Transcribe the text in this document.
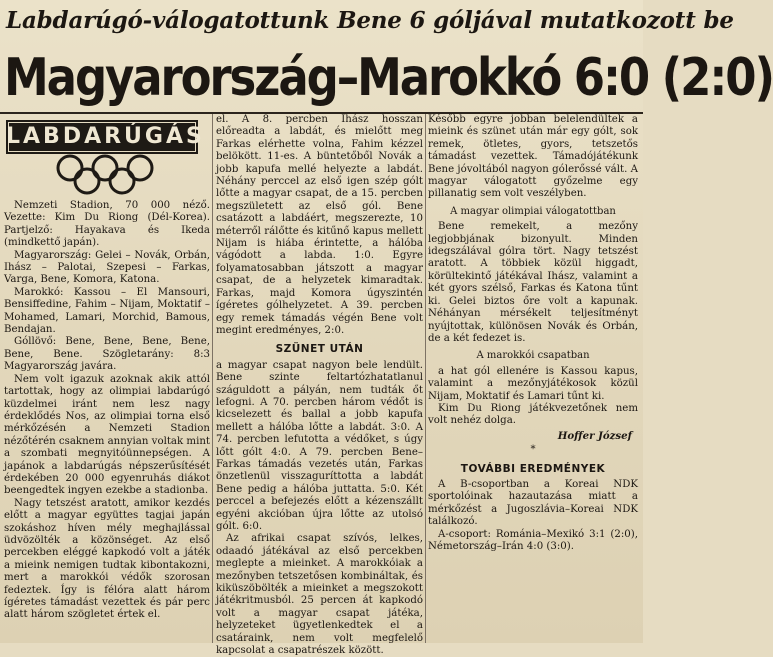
Labdarúgó-válogatottunk Bene 6 góljával mutatkozott be
Magyarország–Marokkó 6:0 (2:0)
LABDARÚGÁS

Nemzeti Stadion, 70 000 néző. Vezette: Kim Du Riong (Dél-Korea). Partjelző: Hayakava és Ikeda (mindkettő japán).

Magyarország: Gelei – Novák, Orbán, Ihász – Palotai, Szepesi – Farkas, Varga, Bene, Komora, Katona.

Marokkó: Kassou – El Mansouri, Bensiffedine, Fahim – Nijam, Moktatif – Mohamed, Lamari, Morchid, Bamous, Bendajan.

Góllövő: Bene, Bene, Bene, Bene, Bene, Bene. Szögletarány: 8:3 Magyarország javára.

Nem volt igazuk azoknak akik attól tartottak, hogy az olimpiai labdarúgó küzdelmei iránt nem lesz nagy érdeklődés Nos, az olimpiai torna első mérkőzésén a Nemzeti Stadion nézőtérén csaknem annyian voltak mint a szombati megnyitóünnepségen. A japánok a labdarúgás népszerűsítését érdekében 20 000 egyenruhás diákot beengedtek ingyen ezekbe a stadionba.

Nagy tetszést aratott, amikor kezdés előtt a magyar együttes tagjai japán szokáshoz híven mély meghajlással üdvözölték a közönséget. Az első percekben eléggé kapkodó volt a játék a mieink nemigen tudtak kibontakozni, mert a marokkói védők szorosan fedeztek. Így is félóra alatt három ígéretes támadást vezettek és pár perc alatt három szögletet értek el.

el. A 8. percben Ihász hosszan előreadta a labdát, és mielőtt meg Farkas elérhette volna, Fahim kézzel belökött. 11-es. A büntetőből Novák a jobb kapufa mellé helyezte a labdát. Néhány perccel az első igen szép gólt lőtte a magyar csapat, de a 15. percben megszületett az első gól. Bene csatázott a labdáért, megszerezte, 10 méterről rálőtte és kitűnő kapus mellett Nijam is hiába érintette, a hálóba vágódott a labda. 1:0. Egyre folyamatosabban játszott a magyar csapat, de a helyzetek kimaradtak. Farkas, majd Komora úgyszintén ígéretes gólhelyzetet. A 39. percben egy remek támadás végén Bene volt megint eredményes, 2:0.

SZÜNET UTÁN

a magyar csapat nagyon bele lendült. Bene szinte feltartózhatatlanul száguldott a pályán, nem tudták őt lefogni. A 70. percben három védőt is kicselezett és ballal a jobb kapufa mellett a hálóba lőtte a labdát. 3:0. A 74. percben lefutotta a védőket, s úgy lőtt gólt 4:0. A 79. percben Bene–Farkas támadás vezetés után, Farkas önzetlenül visszaguríttotta a labdát Bene pedig a hálóba juttatta. 5:0. Két perccel a befejezés előtt a kézenszállt egyéni akcióban újra lőtte az utolsó gólt. 6:0.

Az afrikai csapat szívós, lelkes, odaadó játékával az első percekben meglepte a mieinket. A marokkóiak a mezőnyben tetszetősen kombináltak, és kiküszöbölték a mieinket a megszokott játékritmusból. 25 percen át kapkodó volt a magyar csapat játéka, helyzeteket ügyetlenkedtek el a csatáraink, nem volt megfelelő kapcsolat a csapatrészek között.

Később egyre jobban belelendültek a mieink és szünet után már egy gólt, sok remek, ötletes, gyors, tetszetős támadást vezettek. Támadójátékunk Bene jóvoltából nagyon gólerőssé vált. A magyar válogatott győzelme egy pillanatig sem volt veszélyben.

A magyar olimpiai válogatottban

Bene remekelt, a mezőny legjobbjának bizonyult. Minden idegszálával gólra tört. Nagy tetszést aratott. A többiek közül higgadt, körültekintő játékával Ihász, valamint a két gyors szélső, Farkas és Katona tűnt ki. Gelei biztos őre volt a kapunak. Néhányan mérsékelt teljesítményt nyújtottak, különösen Novák és Orbán, de a két fedezet is.

A marokkói csapatban

a hat gól ellenére is Kassou kapus, valamint a mezőnyjátékosok közül Nijam, Moktatif és Lamari tűnt ki.

Kim Du Riong játékvezetőnek nem volt nehéz dolga.

Hoffer József
*
TOVÁBBI EREDMÉNYEK

A B-csoportban a Koreai NDK sportolóinak hazautazása miatt a mérkőzést a Jugoszlávia–Koreai NDK találkozó.

A-csoport: Románia–Mexikó 3:1 (2:0), Németország–Irán 4:0 (3:0).
